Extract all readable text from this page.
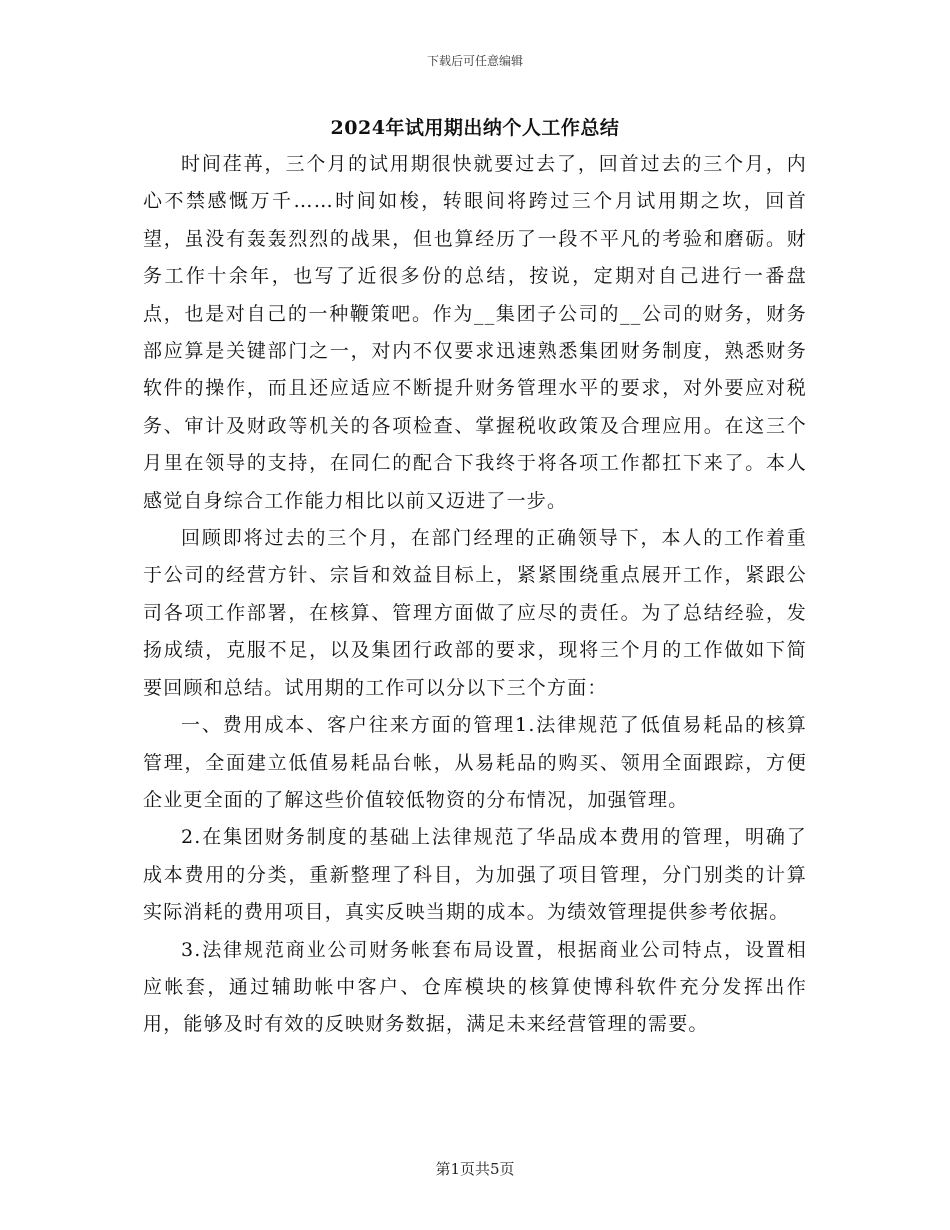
下载后可任意编辑
2024年试用期出纳个人工作总结

时间荏苒，三个月的试用期很快就要过去了，回首过去的三个月，内心不禁感慨万千……时间如梭，转眼间将跨过三个月试用期之坎，回首望，虽没有轰轰烈烈的战果，但也算经历了一段不平凡的考验和磨砺。财务工作十余年，也写了近很多份的总结，按说，定期对自己进行一番盘点，也是对自己的一种鞭策吧。作为__集团子公司的__公司的财务，财务部应算是关键部门之一，对内不仅要求迅速熟悉集团财务制度，熟悉财务软件的操作，而且还应适应不断提升财务管理水平的要求，对外要应对税务、审计及财政等机关的各项检查、掌握税收政策及合理应用。在这三个月里在领导的支持，在同仁的配合下我终于将各项工作都扛下来了。本人感觉自身综合工作能力相比以前又迈进了一步。

回顾即将过去的三个月，在部门经理的正确领导下，本人的工作着重于公司的经营方针、宗旨和效益目标上，紧紧围绕重点展开工作，紧跟公司各项工作部署，在核算、管理方面做了应尽的责任。为了总结经验，发扬成绩，克服不足，以及集团行政部的要求，现将三个月的工作做如下简要回顾和总结。试用期的工作可以分以下三个方面：

一、费用成本、客户往来方面的管理1.法律规范了低值易耗品的核算管理，全面建立低值易耗品台帐，从易耗品的购买、领用全面跟踪，方便企业更全面的了解这些价值较低物资的分布情况，加强管理。

2.在集团财务制度的基础上法律规范了华品成本费用的管理，明确了成本费用的分类，重新整理了科目，为加强了项目管理，分门别类的计算实际消耗的费用项目，真实反映当期的成本。为绩效管理提供参考依据。

3.法律规范商业公司财务帐套布局设置，根据商业公司特点，设置相应帐套，通过辅助帐中客户、仓库模块的核算使博科软件充分发挥出作用，能够及时有效的反映财务数据，满足未来经营管理的需要。

第1页共5页
